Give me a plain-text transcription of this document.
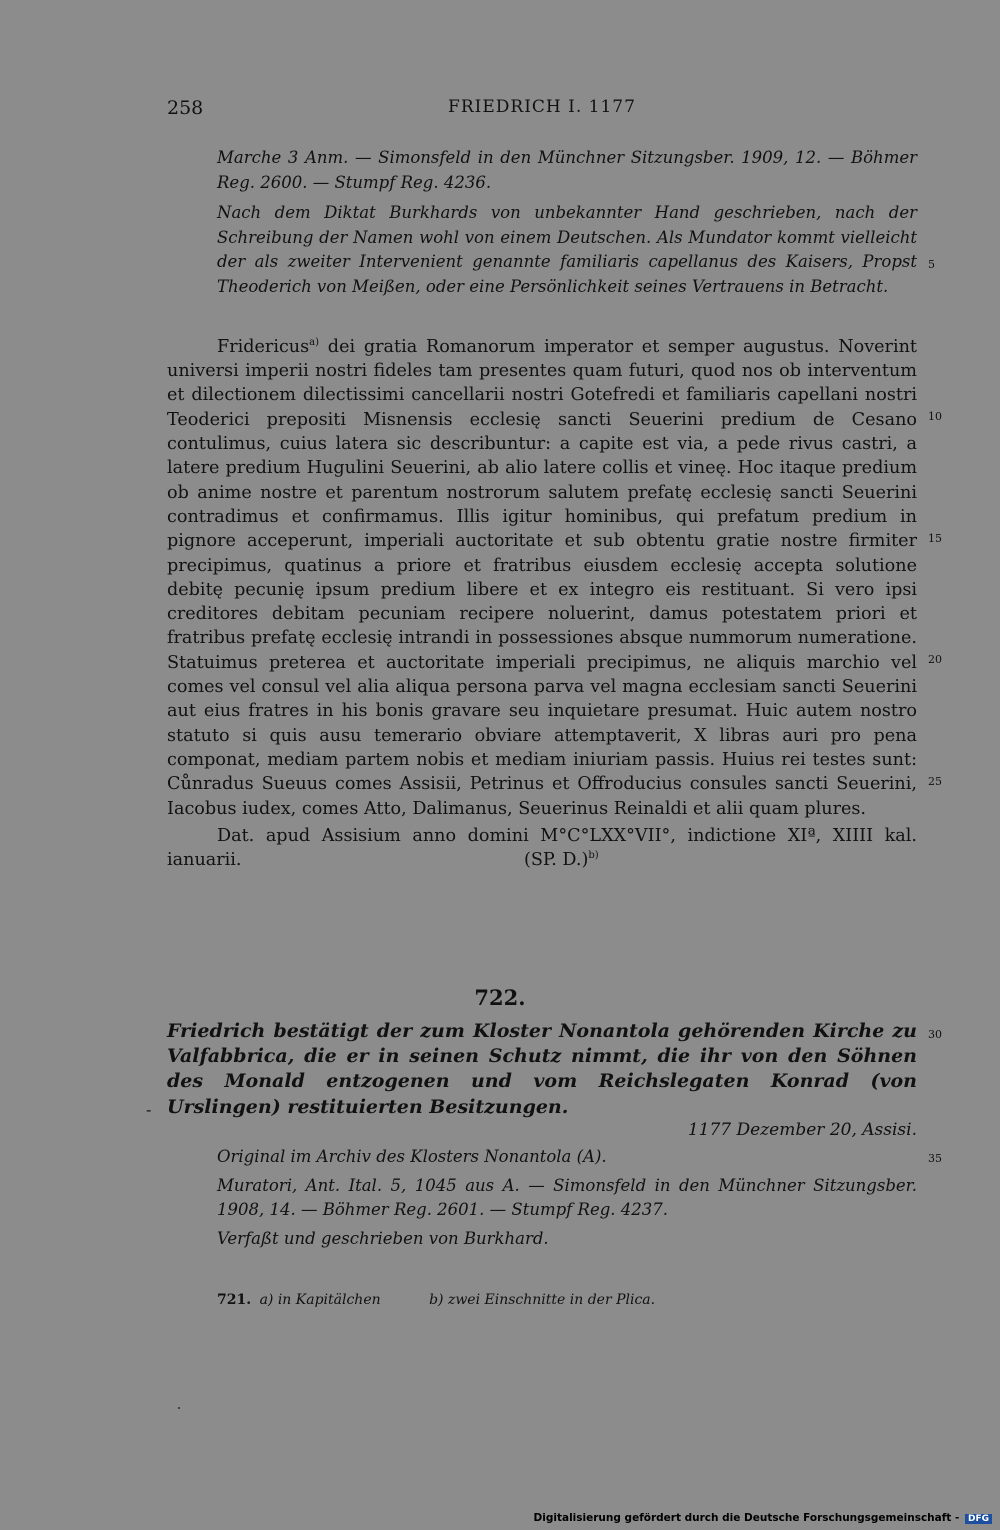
258	FRIEDRICH I. 1177

Marche 3 Anm. — Simonsfeld in den Münchner Sitzungsber. 1909, 12. — Böhmer Reg. 2600. — Stumpf Reg. 4236.

Nach dem Diktat Burkhards von unbekannter Hand geschrieben, nach der Schreibung der Namen wohl von einem Deutschen. Als Mundator kommt vielleicht der als zweiter Intervenient genannte familiaris capellanus des Kaisers, Propst Theoderich von Meißen, oder eine Persönlichkeit seines Vertrauens in Betracht.

Fridericus$^{a)}$ dei gratia Romanorum imperator et semper augustus. Noverint universi imperii nostri fideles tam presentes quam futuri, quod nos ob interventum et dilectionem dilectissimi cancellarii nostri Gotefredi et familiaris capellani nostri Teoderici prepositi Misnensis ecclesię sancti Seuerini predium de Cesano contulimus, cuius latera sic describuntur: a capite est via, a pede rivus castri, a latere predium Hugulini Seuerini, ab alio latere collis et vineę. Hoc itaque predium ob anime nostre et parentum nostrorum salutem prefatę ecclesię sancti Seuerini contradimus et confirmamus. Illis igitur hominibus, qui prefatum predium in pignore acceperunt, imperiali auctoritate et sub obtentu gratie nostre firmiter precipimus, quatinus a priore et fratribus eiusdem ecclesię accepta solutione debitę pecunię ipsum predium libere et ex integro eis restituant. Si vero ipsi creditores debitam pecuniam recipere noluerint, damus potestatem priori et fratribus prefatę ecclesię intrandi in possessiones absque nummorum numeratione. Statuimus preterea et auctoritate imperiali precipimus, ne aliquis marchio vel comes vel consul vel alia aliqua persona parva vel magna ecclesiam sancti Seuerini aut eius fratres in his bonis gravare seu inquietare presumat. Huic autem nostro statuto si quis ausu temerario obviare attemptaverit, X libras auri pro pena componat, mediam partem nobis et mediam iniuriam passis. Huius rei testes sunt: Cůnradus Sueuus comes Assisii, Petrinus et Offroducius consules sancti Seuerini, Iacobus iudex, comes Atto, Dalimanus, Seuerinus Reinaldi et alii quam plures.

Dat. apud Assisium anno domini M°C°LXX°VII°, indictione XIª, XIIII kal. ianuarii.	(SP. D.)$^{b)}$
5
10
15
20
25
30
35
722.
Friedrich bestätigt der zum Kloster Nonantola gehörenden Kirche zu Valfabbrica, die er in seinen Schutz nimmt, die ihr von den Söhnen des Monald entzogenen und vom Reichslegaten Konrad (von Urslingen) restituierten Besitzungen.
-
1177 Dezember 20, Assisi.

Original im Archiv des Klosters Nonantola (A).

Muratori, Ant. Ital. 5, 1045 aus A. — Simonsfeld in den Münchner Sitzungsber. 1908, 14. — Böhmer Reg. 2601. — Stumpf Reg. 4237.

Verfaßt und geschrieben von Burkhard.

721. a) in Kapitälchen	b) zwei Einschnitte in der Plica.
Digitalisierung gefördert durch die Deutsche Forschungsgemeinschaft - DFG
